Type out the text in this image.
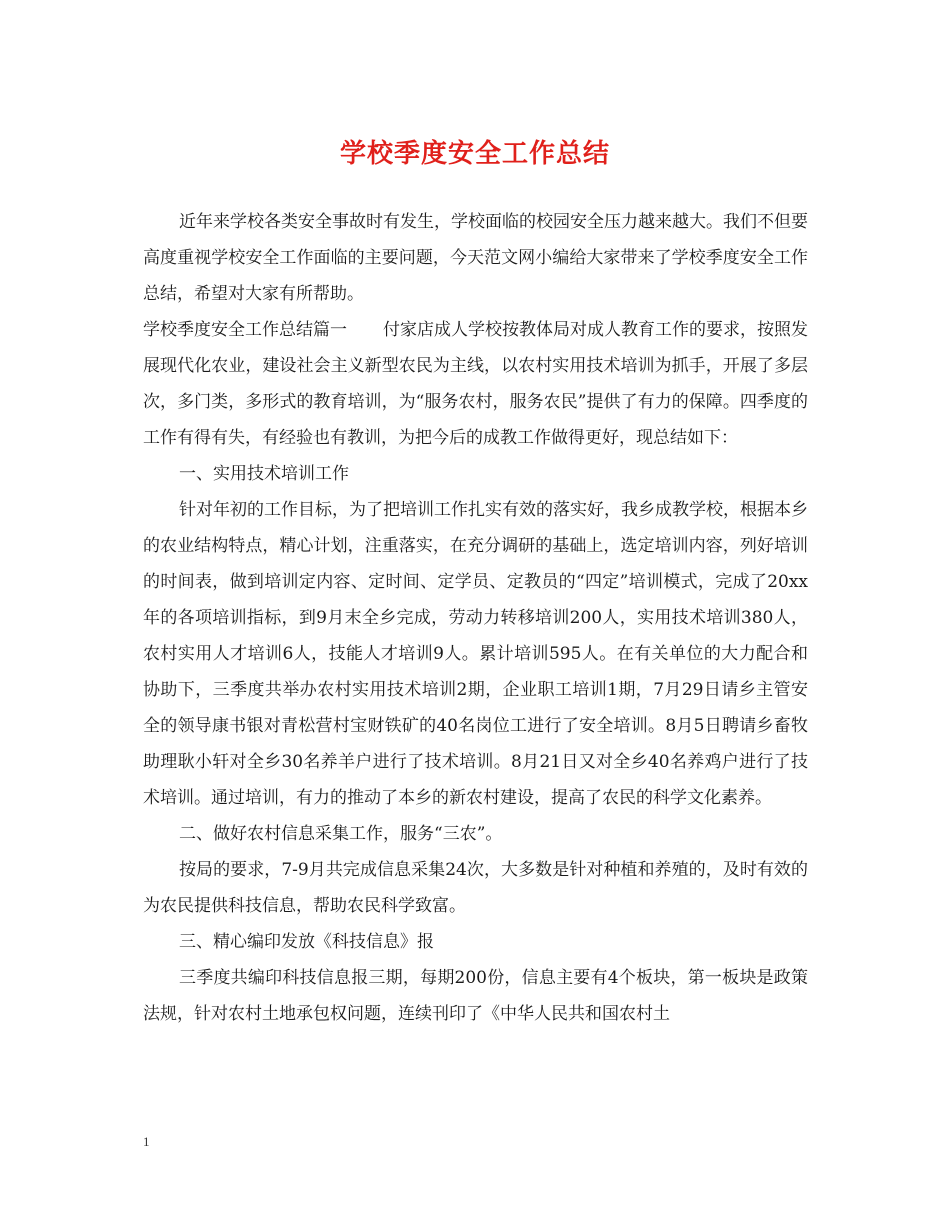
学校季度安全工作总结

近年来学校各类安全事故时有发生，学校面临的校园安全压力越来越大。我们不但要高度重视学校安全工作面临的主要问题，今天范文网小编给大家带来了学校季度安全工作总结，希望对大家有所帮助。

学校季度安全工作总结篇一 付家店成人学校按教体局对成人教育工作的要求，按照发展现代化农业，建设社会主义新型农民为主线，以农村实用技术培训为抓手，开展了多层次，多门类，多形式的教育培训，为“服务农村，服务农民”提供了有力的保障。四季度的工作有得有失，有经验也有教训，为把今后的成教工作做得更好，现总结如下：

一、实用技术培训工作

针对年初的工作目标，为了把培训工作扎实有效的落实好，我乡成教学校，根据本乡的农业结构特点，精心计划，注重落实，在充分调研的基础上，选定培训内容，列好培训的时间表，做到培训定内容、定时间、定学员、定教员的“四定”培训模式，完成了20xx年的各项培训指标，到9月末全乡完成，劳动力转移培训200人，实用技术培训380人，农村实用人才培训6人，技能人才培训9人。累计培训595人。在有关单位的大力配合和协助下，三季度共举办农村实用技术培训2期，企业职工培训1期，7月29日请乡主管安全的领导康书银对青松营村宝财铁矿的40名岗位工进行了安全培训。8月5日聘请乡畜牧助理耿小轩对全乡30名养羊户进行了技术培训。8月21日又对全乡40名养鸡户进行了技术培训。通过培训，有力的推动了本乡的新农村建设，提高了农民的科学文化素养。

二、做好农村信息采集工作，服务“三农”。

按局的要求，7-9月共完成信息采集24次，大多数是针对种植和养殖的，及时有效的为农民提供科技信息，帮助农民科学致富。

三、精心编印发放《科技信息》报

三季度共编印科技信息报三期，每期200份，信息主要有4个板块，第一板块是政策法规，针对农村土地承包权问题，连续刊印了《中华人民共和国农村土

1
